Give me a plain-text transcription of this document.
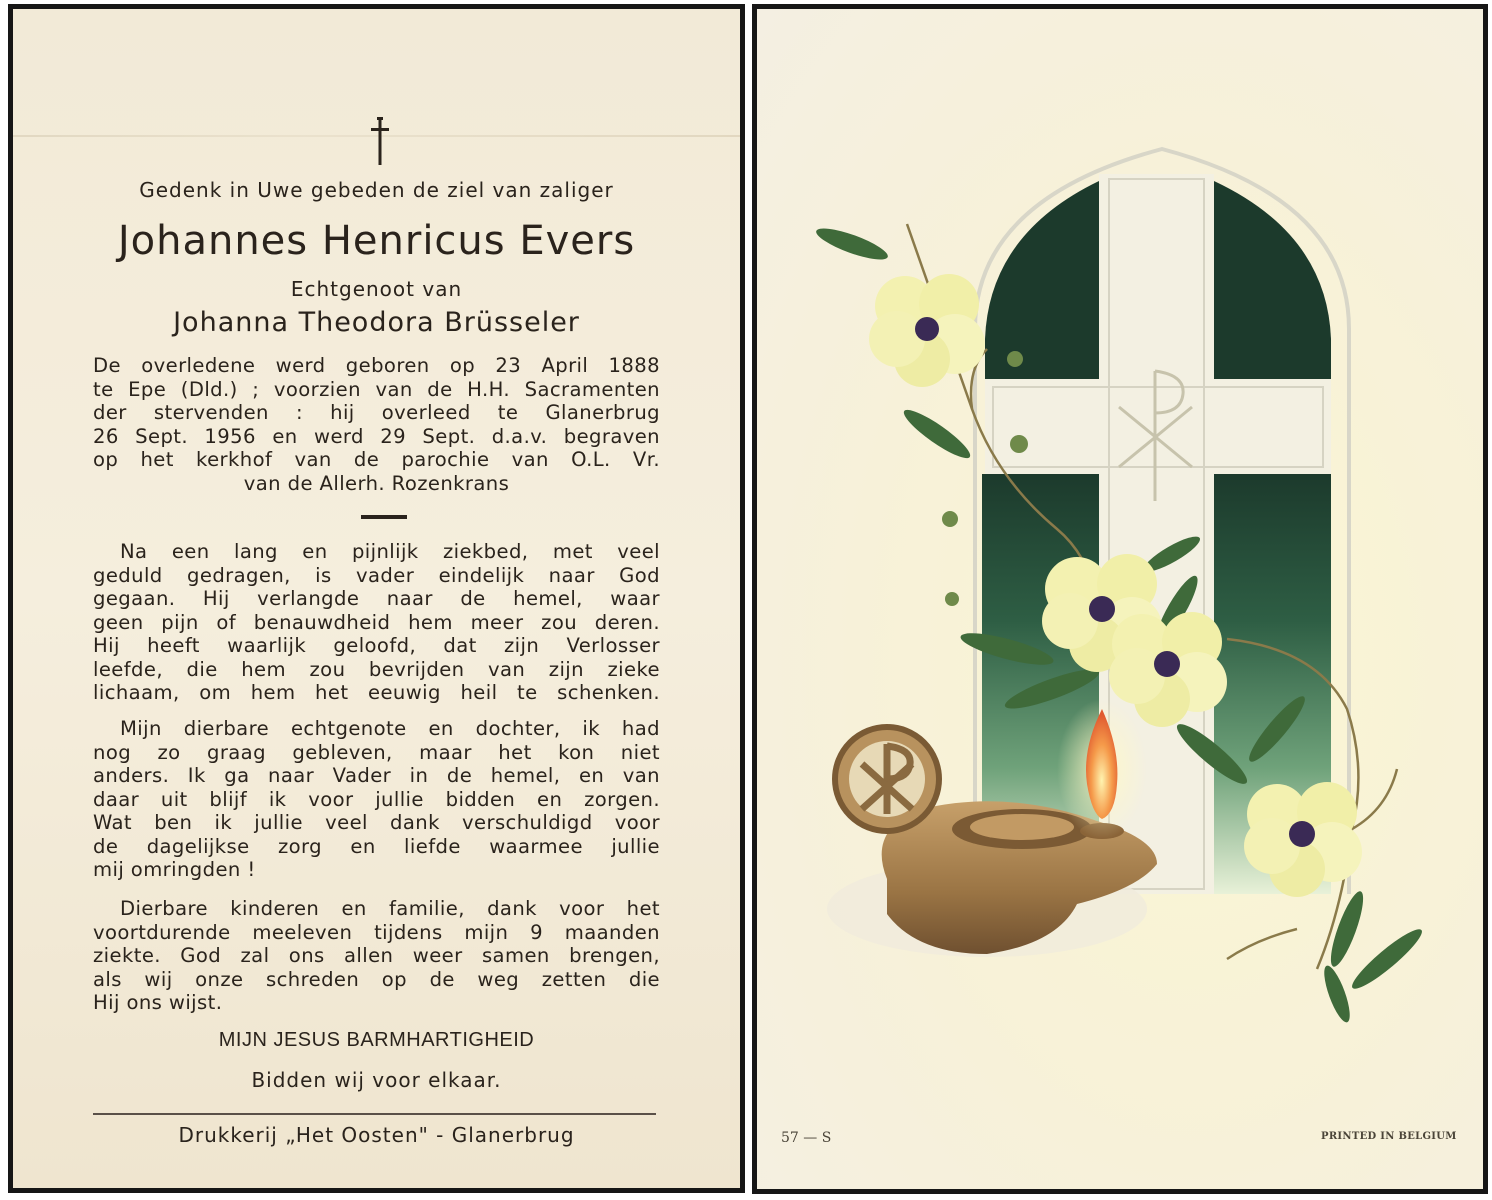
Gedenk in Uwe gebeden de ziel van zaliger
Johannes Henricus Evers
Echtgenoot van
Johanna Theodora Brüsseler
De overledene werd geboren op 23 April 1888
te Epe (Dld.) ; voorzien van de H.H. Sacramenten
der stervenden : hij overleed te Glanerbrug
26 Sept. 1956 en werd 29 Sept. d.a.v. begraven
op het kerkhof van de parochie van O.L. Vr.
van de Allerh. Rozenkrans
Na een lang en pijnlijk ziekbed, met veel
geduld gedragen, is vader eindelijk naar God
gegaan. Hij verlangde naar de hemel, waar
geen pijn of benauwdheid hem meer zou deren.
Hij heeft waarlijk geloofd, dat zijn Verlosser
leefde, die hem zou bevrijden van zijn zieke
lichaam, om hem het eeuwig heil te schenken.
Mijn dierbare echtgenote en dochter, ik had
nog zo graag gebleven, maar het kon niet
anders. Ik ga naar Vader in de hemel, en van
daar uit blijf ik voor jullie bidden en zorgen.
Wat ben ik jullie veel dank verschuldigd voor
de dagelijkse zorg en liefde waarmee jullie
mij omringden !
Dierbare kinderen en familie, dank voor het
voortdurende meeleven tijdens mijn 9 maanden
ziekte. God zal ons allen weer samen brengen,
als wij onze schreden op de weg zetten die
Hij ons wijst.
MIJN JESUS BARMHARTIGHEID
Bidden wij voor elkaar.
Drukkerij „Het Oosten" - Glanerbrug	57 — S	PRINTED IN BELGIUM
